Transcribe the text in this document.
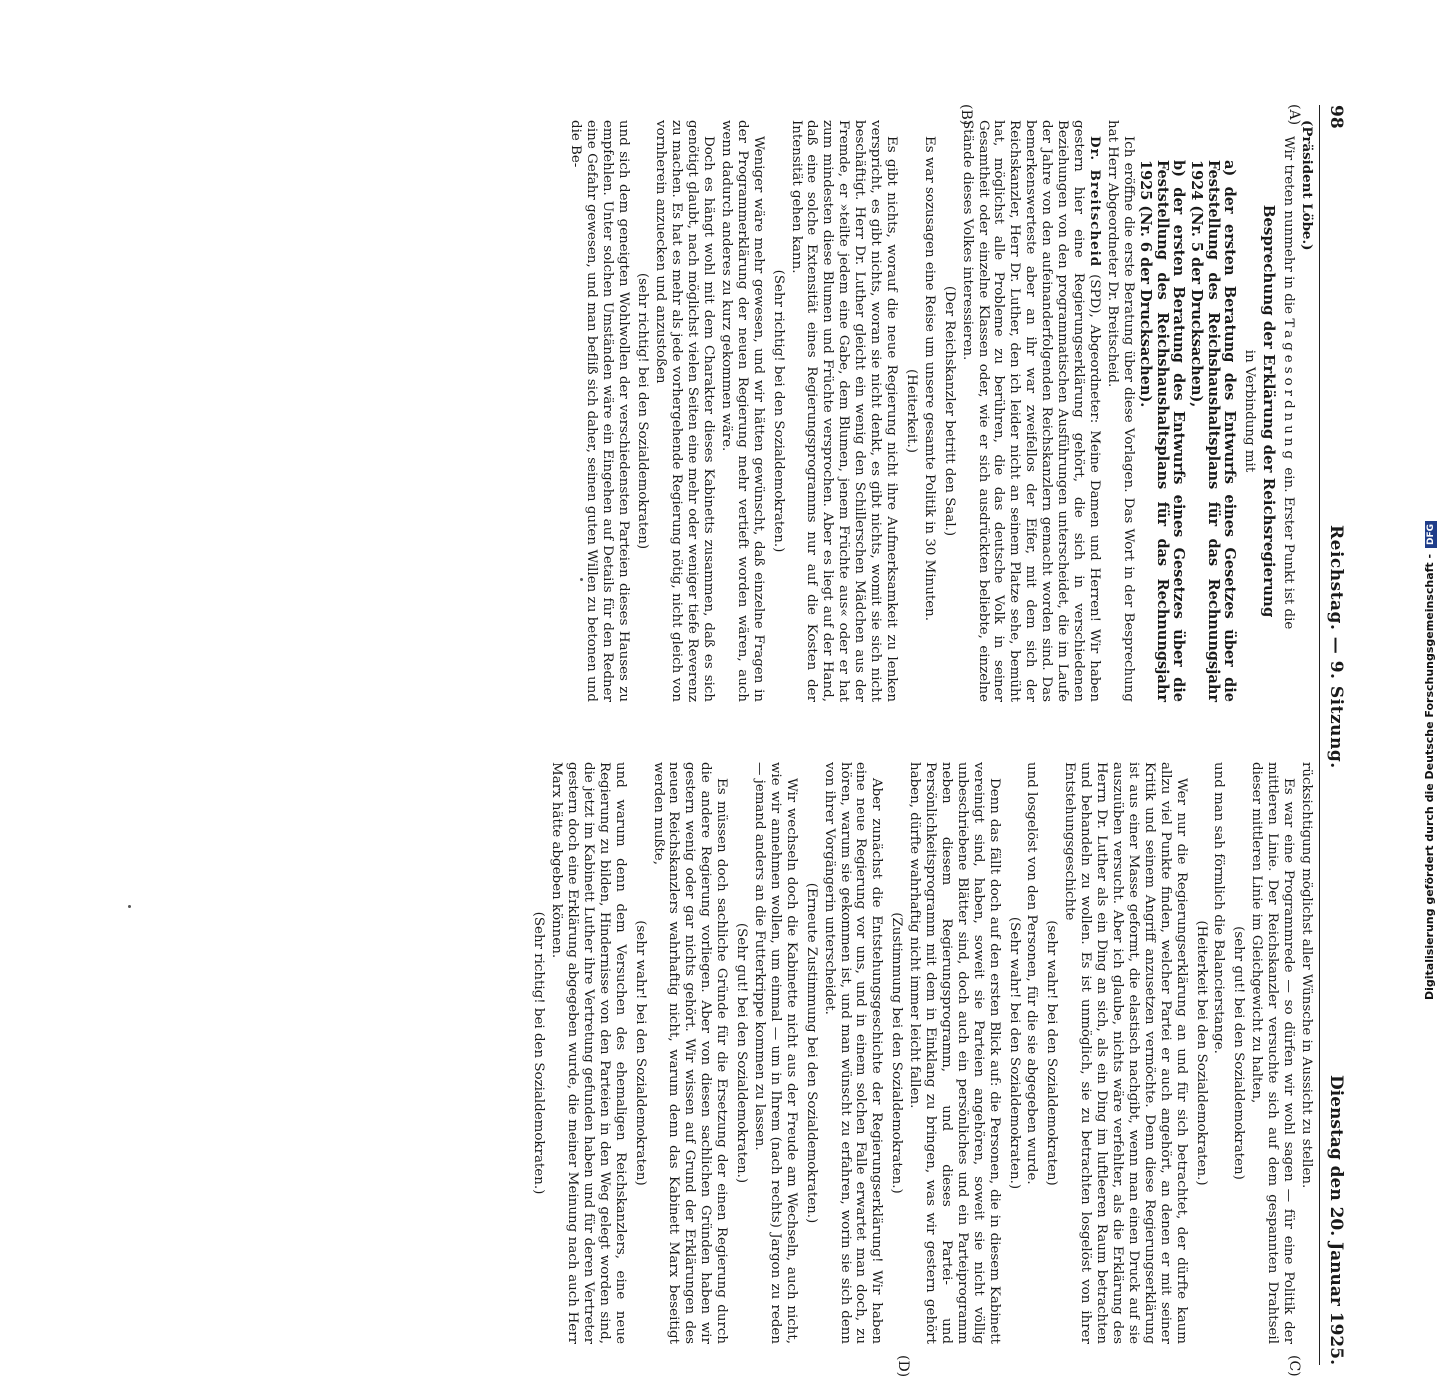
98
Reichstag. — 9. Sitzung.
Dienstag den 20. Januar 1925.
(A)
(B)
(C)
(D)

(Präsident Löbe.)

Wir treten nunmehr in die Tagesordnung ein. Erster Punkt ist die

Besprechung der Erklärung der Reichsregierung

in Verbindung mit

a) der ersten Beratung des Entwurfs eines Gesetzes über die Feststellung des Reichshaushaltsplans für das Rechnungsjahr 1924 (Nr. 5 der Drucksachen),

b) der ersten Beratung des Entwurfs eines Gesetzes über die Feststellung des Reichshaushaltsplans für das Rechnungsjahr 1925 (Nr. 6 der Drucksachen).

Ich eröffne die erste Beratung über diese Vorlagen. Das Wort in der Besprechung hat Herr Abgeordneter Dr. Breitscheid.

Dr. Breitscheid (SPD), Abgeordneter: Meine Damen und Herren! Wir haben gestern hier eine Regierungserklärung gehört, die sich in verschiedenen Beziehungen von den programmatischen Ausführungen unterscheidet, die im Laufe der Jahre von den aufeinanderfolgenden Reichskanzlern gemacht worden sind. Das bemerkenswerteste aber an ihr war zweifellos der Eifer, mit dem sich der Reichskanzler, Herr Dr. Luther, den ich leider nicht an seinem Platze sehe, bemüht hat, möglichst alle Probleme zu berühren, die das deutsche Volk in seiner Gesamtheit oder einzelne Klassen oder, wie er sich ausdrückten beliebte, einzelne Stände dieses Volkes interessieren.

(Der Reichskanzler betritt den Saal.)

Es war sozusagen eine Reise um unsere gesamte Politik in 30 Minuten.

(Heiterkeit.)

Es gibt nichts, worauf die neue Regierung nicht ihre Aufmerksamkeit zu lenken verspricht, es gibt nichts, woran sie nicht denkt, es gibt nichts, womit sie sich nicht beschäftigt. Herr Dr. Luther gleicht ein wenig den Schillerschen Mädchen aus der Fremde, er »teilte jedem eine Gabe, dem Blumen, jenem Früchte aus« oder er hat zum mindesten diese Blumen und Früchte versprochen. Aber es liegt auf der Hand, daß eine solche Extensität eines Regierungsprogramms nur auf die Kosten der Intensität gehen kann.

(Sehr richtig! bei den Sozialdemokraten.)

Weniger wäre mehr gewesen, und wir hätten gewünscht, daß einzelne Fragen in der Programmerklärung der neuen Regierung mehr vertieft worden wären, auch wenn dadurch anderes zu kurz gekommen wäre.

Doch es hängt wohl mit dem Charakter dieses Kabinetts zusammen, daß es sich genötigt glaubt, nach möglichst vielen Seiten eine mehr oder weniger tiefe Reverenz zu machen. Es hat es mehr als jede vorhergehende Regierung nötig, nicht gleich von vornherein anzuecken und anzustoßen

(sehr richtig! bei den Sozialdemokraten)

und sich dem geneigten Wohlwollen der verschiedensten Parteien dieses Hauses zu empfehlen. Unter solchen Umständen wäre ein Eingehen auf Details für den Redner eine Gefahr gewesen, und man befliß sich daher, seinen guten Willen zu betonen und die Be-

rücksichtigung möglichst aller Wünsche in Aussicht zu stellen.

Es war eine Programmrede — so dürfen wir wohl sagen — für eine Politik der mittleren Linie. Der Reichskanzler versuchte sich auf dem gespannten Drahtseil dieser mittleren Linie im Gleichgewicht zu halten,

(sehr gut! bei den Sozialdemokraten)

und man sah förmlich die Balancierstange.

(Heiterkeit bei den Sozialdemokraten.)

Wer nur die Regierungserklärung an und für sich betrachtet, der dürfte kaum allzu viel Punkte finden, welcher Partei er auch angehört, an denen er mit seiner Kritik und seinem Angriff anzusetzen vermöchte. Denn diese Regierungserklärung ist aus einer Masse geformt, die elastisch nachgibt, wenn man einen Druck auf sie auszuüben versucht. Aber ich glaube, nichts wäre verfehlter, als die Erklärung des Herrn Dr. Luther als ein Ding an sich, als ein Ding im luftleeren Raum betrachten und behandeln zu wollen. Es ist unmöglich, sie zu betrachten losgelöst von ihrer Entstehungsgeschichte

(sehr wahr! bei den Sozialdemokraten)

und losgelöst von den Personen, für die sie abgegeben wurde.

(Sehr wahr! bei den Sozialdemokraten.)

Denn das fällt doch auf den ersten Blick auf: die Personen, die in diesem Kabinett vereinigt sind, haben, soweit sie Parteien angehören, soweit sie nicht völlig unbeschriebene Blätter sind, doch auch ein persönliches und ein Parteiprogramm neben diesem Regierungsprogramm, und dieses Partei- und Persönlichkeitsprogramm mit dem in Einklang zu bringen, was wir gestern gehört haben, dürfte wahrhaftig nicht immer leicht fallen.

(Zustimmung bei den Sozialdemokraten.)

Aber zunächst die Entstehungsgeschichte der Regierungserklärung! Wir haben eine neue Regierung vor uns, und in einem solchen Falle erwartet man doch, zu hören, warum sie gekommen ist, und man wünscht zu erfahren, worin sie sich denn von ihrer Vorgängerin unterscheidet.

(Erneute Zustimmung bei den Sozialdemokraten.)

Wir wechseln doch die Kabinette nicht aus der Freude am Wechseln, auch nicht, wie wir annehmen wollen, um einmal — um in Ihrem (nach rechts) Jargon zu reden — jemand anders an die Futterkrippe kommen zu lassen.

(Sehr gut! bei den Sozialdemokraten.)

Es müssen doch sachliche Gründe für die Ersetzung der einen Regierung durch die andere Regierung vorliegen. Aber von diesen sachlichen Gründen haben wir gestern wenig oder gar nichts gehört. Wir wissen auf Grund der Erklärungen des neuen Reichskanzlers wahrhaftig nicht, warum denn das Kabinett Marx beseitigt werden mußte,

(sehr wahr! bei den Sozialdemokraten)

und warum denn dem Versuchen des ehemaligen Reichskanzlers, eine neue Regierung zu bilden, Hindernisse von den Parteien in den Weg gelegt worden sind, die jetzt im Kabinett Luther ihre Vertretung gefunden haben und für deren Vertreter gestern doch eine Erklärung abgegeben wurde, die meiner Meinung nach auch Herr Marx hätte abgeben können.

(Sehr richtig! bei den Sozialdemokraten.)

Digitalisierung gefördert durch die Deutsche Forschungsgemeinschaft -DFG
